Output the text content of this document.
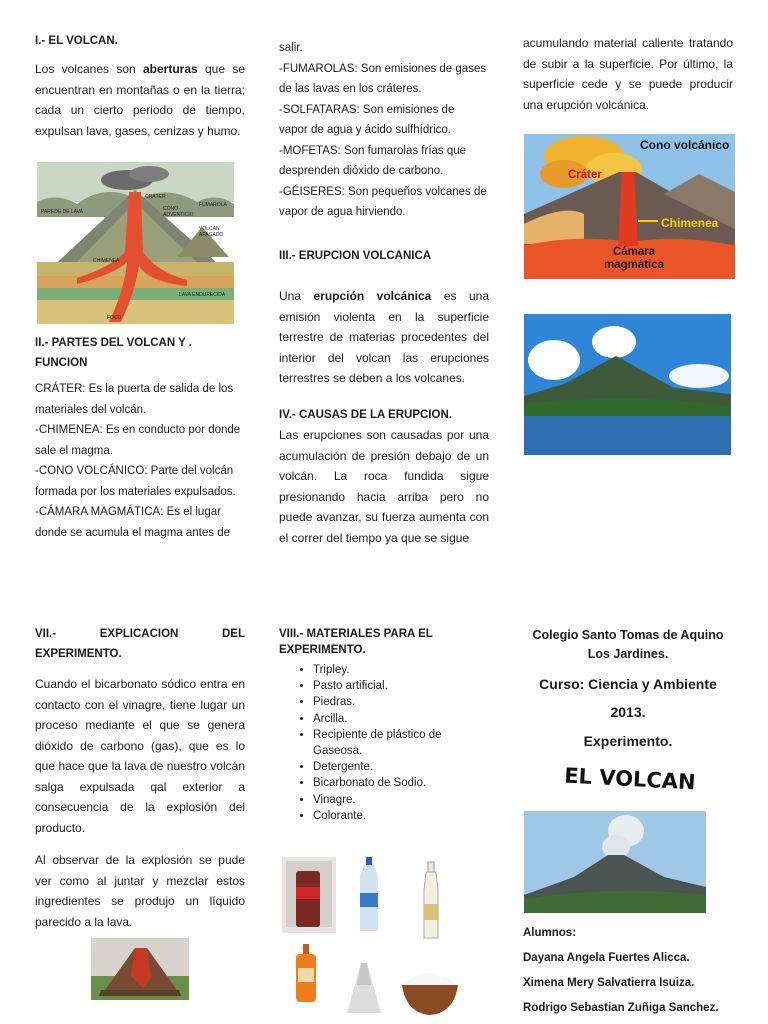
I.- EL VOLCAN.

Los volcanes son aberturas que se encuentran en montañas o en la tierra; cada un cierto periodo de tiempo, expulsan lava, gases, cenizas y humo.

PAREDE DE LAVA
CRÁTER
CONO ADVENTICIO
FUMAROLA
VOLCÁN APAGADO
CHIMENEA
LAVA ENDURECIDA
FOCO
II.- PARTES DEL VOLCAN Y .
FUNCION
CRÁTER: Es la puerta de salida de los
materiales del volcán.
-CHIMENEA: Es en conducto por donde
sale el magma.
-CONO VOLCÁNICO: Parte del volcán
formada por los materiales expulsados.
-CÁMARA MAGMÁTICA: Es el lugar
donde se acumula el magma antes de
salir.
-FUMAROLAS: Son emisiones de gases
de las lavas en los cráteres.
-SOLFATARAS: Son emisiones de
vapor de agua y ácido sulfhídrico.
-MOFETAS: Son fumarolas frías que
desprenden dióxido de carbono.
-GÉISERES: Son pequeños volcanes de
vapor de agua hirviendo.
III.- ERUPCION VOLCANICA

Una erupción volcánica es una emisión violenta en la superficie terrestre de materias procedentes del interior del volcan las erupciones terrestres se deben a los volcanes.

IV.- CAUSAS DE LA ERUPCION.

Las erupciones son causadas por una acumulación de presión debajo de un volcán. La roca fundida sigue presionando hacia arriba pero no puede avanzar, su fuerza aumenta con el correr del tiempo ya que se sigue

acumulando material caliente tratando de subir a la superficie. Por último, la superficie cede y se puede producir una erupción volcánica.

Cono volcánico
Cráter
Chimenea
Cámara
magmática
VII.- EXPLICACION DEL
EXPERIMENTO.

Cuando el bicarbonato sódico entra en contacto con el vinagre, tiene lugar un proceso mediante el que se genera dióxido de carbono (gas), que es lo que hace que la lava de nuestro volcán salga expulsada qal exterior a consecuencia de la explosión del producto.

Al observar de la explosión se pude ver como al juntar y mezclar estos ingredientes se produjo un líquido parecido a la lava.

VIII.- MATERIALES PARA EL
EXPERIMENTO.
• Tripley.
• Pasto artificial.
• Piedras.
• Arcilla.
• Recipiente de plástico de Gaseosa.
• Detergente.
• Bicarbonato de Sodio.
• Vinagre.
• Colorante.
Colegio Santo Tomas de Aquino
Los Jardines.
Curso: Ciencia y Ambiente
2013.
Experimento.
EL VOLCAN
Alumnos:
Dayana Angela Fuertes Alicca.
Ximena Mery Salvatierra Isuiza.
Rodrigo Sebastian Zuñiga Sanchez.
